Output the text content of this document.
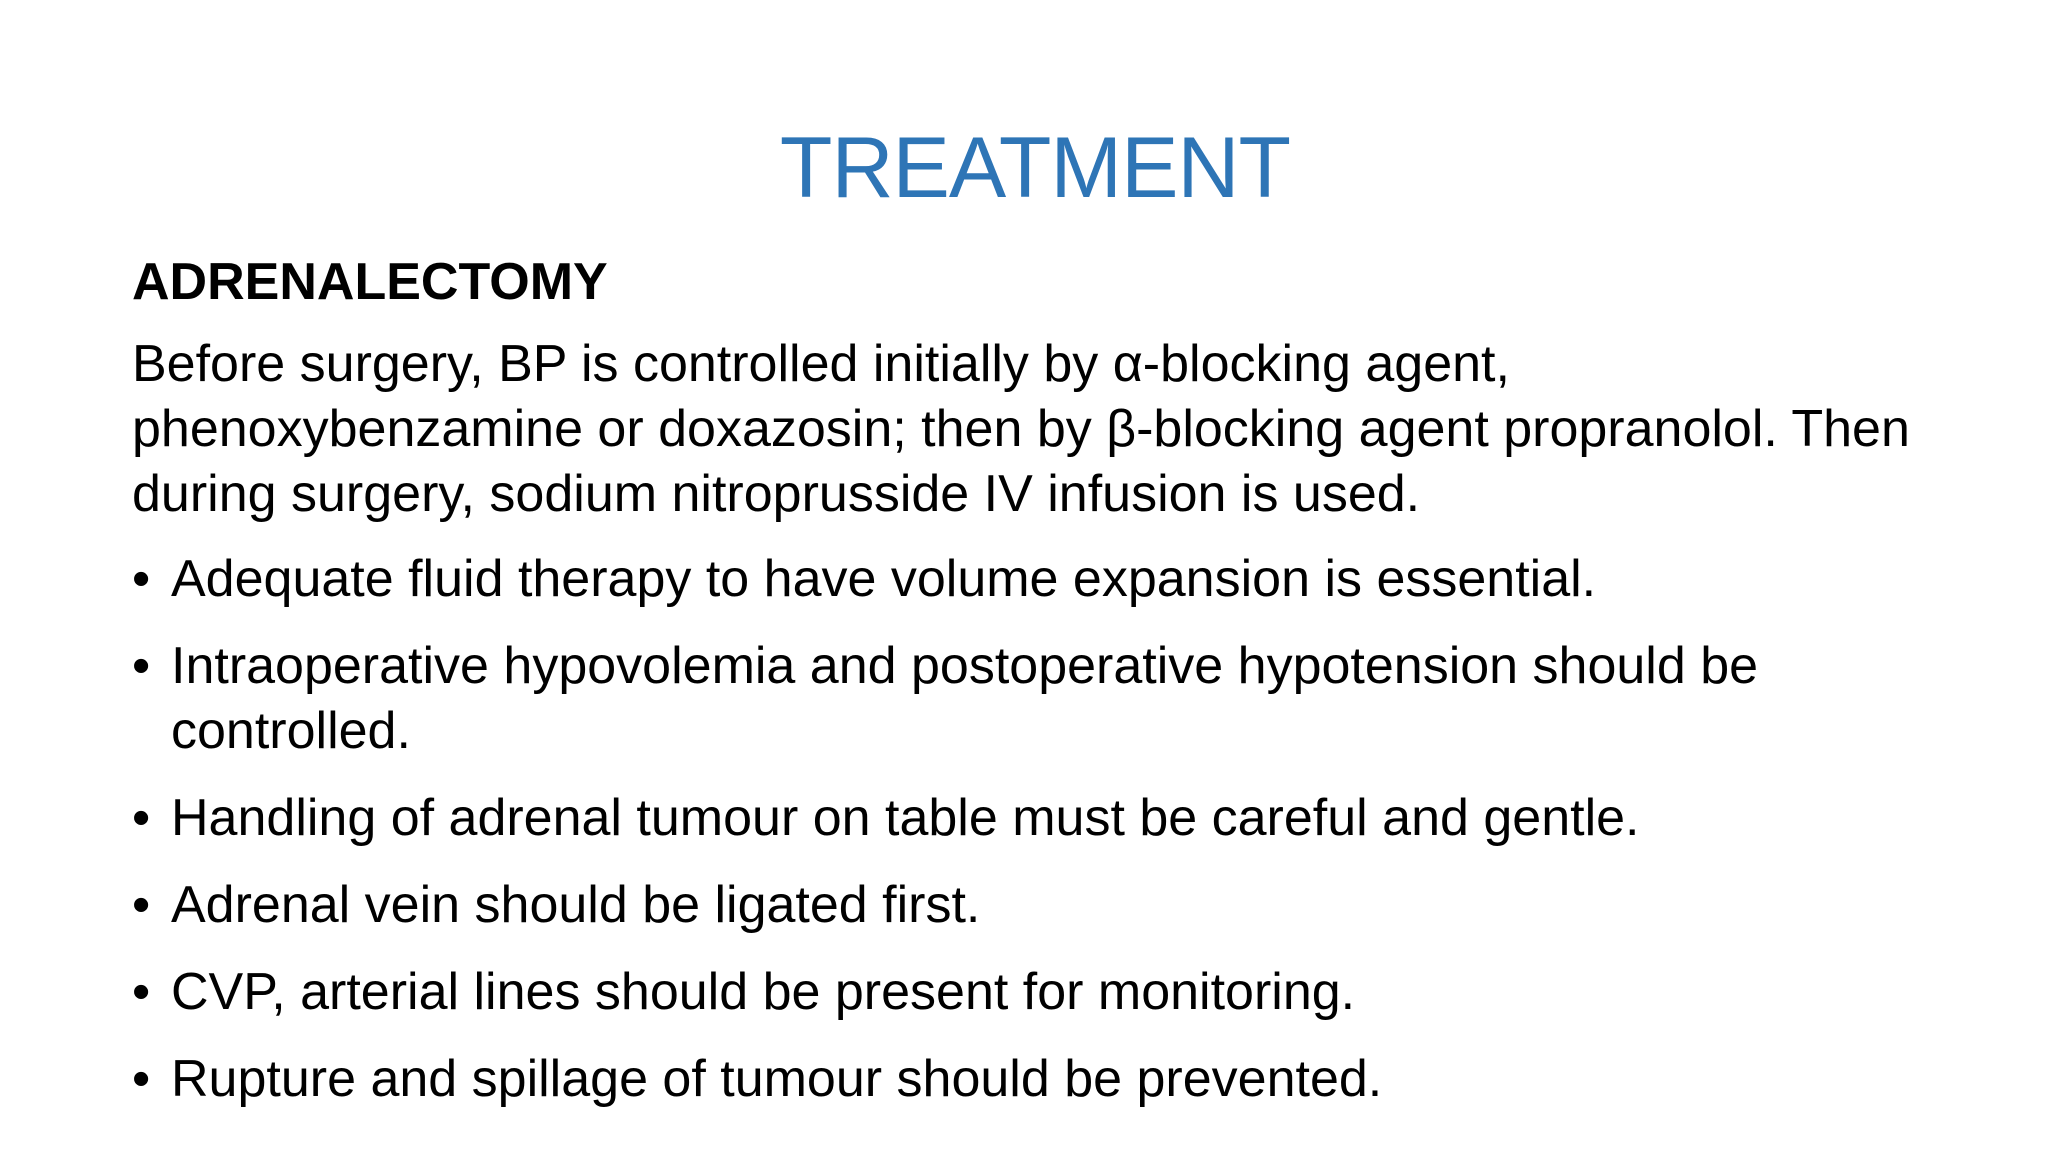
TREATMENT
ADRENALECTOMY
Before surgery, BP is controlled initially by α-blocking agent, phenoxybenzamine or doxazosin; then by β-blocking agent propranolol. Then during surgery, sodium nitroprusside IV infusion is used.
• Adequate fluid therapy to have volume expansion is essential.
• Intraoperative hypovolemia and postoperative hypotension should be controlled.
• Handling of adrenal tumour on table must be careful and gentle.
• Adrenal vein should be ligated first.
• CVP, arterial lines should be present for monitoring.
• Rupture and spillage of tumour should be prevented.
